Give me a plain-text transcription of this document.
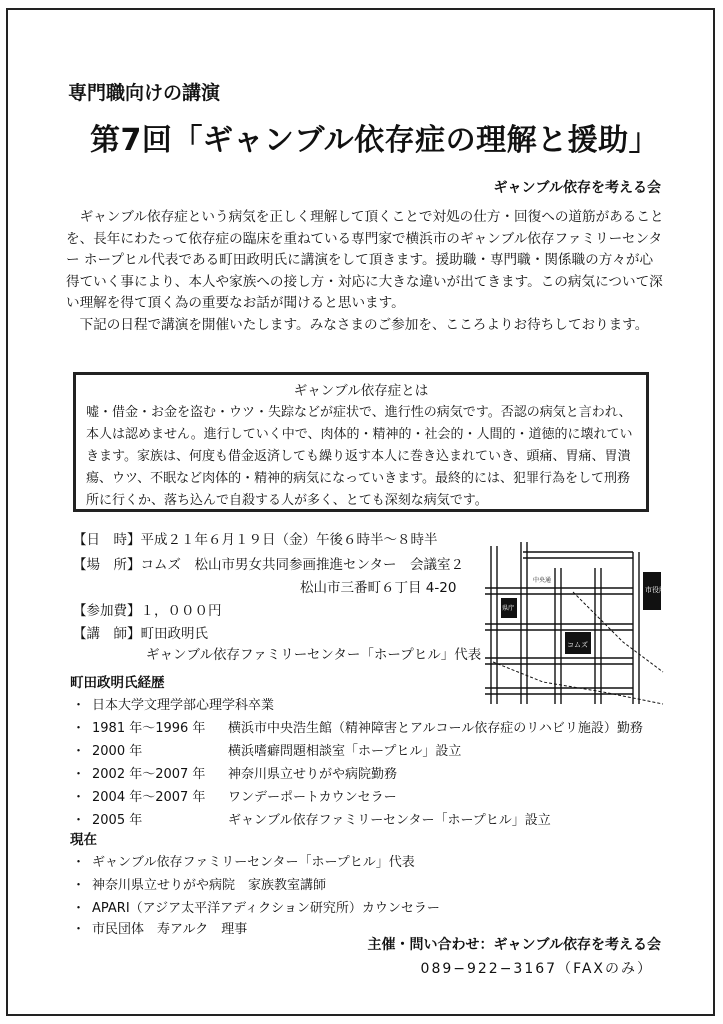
専門職向けの講演
第7回「ギャンブル依存症の理解と援助」
ギャンブル依存を考える会

ギャンブル依存症という病気を正しく理解して頂くことで対処の仕方・回復への道筋があることを、長年にわたって依存症の臨床を重ねている専門家で横浜市のギャンブル依存ファミリーセンター ホープヒル代表である町田政明氏に講演をして頂きます。援助職・専門職・関係職の方々が心得ていく事により、本人や家族への接し方・対応に大きな違いが出てきます。この病気について深い理解を得て頂く為の重要なお話が聞けると思います。

下記の日程で講演を開催いたします。みなさまのご参加を、こころよりお待ちしております。

ギャンブル依存症とは
嘘・借金・お金を盗む・ウツ・失踪などが症状で、進行性の病気です。否認の病気と言われ、本人は認めません。進行していく中で、肉体的・精神的・社会的・人間的・道徳的に壊れていきます。家族は、何度も借金返済しても繰り返す本人に巻き込まれていき、頭痛、胃痛、胃潰瘍、ウツ、不眠など肉体的・精神的病気になっていきます。最終的には、犯罪行為をして刑務所に行くか、落ち込んで自殺する人が多く、とても深刻な病気です。
【日　時】平成２１年６月１９日（金）午後６時半～８時半
【場　所】コムズ　松山市男女共同参画推進センター　会議室２
松山市三番町６丁目 4-20
【参加費】１，０００円
【講　師】町田政明氏
ギャンブル依存ファミリーセンター「ホープヒル」代表
コムズ
市役所
県庁
中央通
町田政明氏経歴
・ 日本大学文理学部心理学科卒業
・ 1981 年～1996 年 横浜市中央浩生館（精神障害とアルコール依存症のリハビリ施設）勤務
・ 2000 年	横浜嗜癖問題相談室「ホープヒル」設立
・ 2002 年～2007 年 神奈川県立せりがや病院勤務
・ 2004 年～2007 年 ワンデーポートカウンセラー
・ 2005 年	ギャンブル依存ファミリーセンター「ホープヒル」設立
現在
・ ギャンブル依存ファミリーセンター「ホープヒル」代表
・ 神奈川県立せりがや病院　家族教室講師
・ APARI（アジア太平洋アディクション研究所）カウンセラー
・ 市民団体　寿アルク　理事
主催・問い合わせ：ギャンブル依存を考える会
089−922−3167（FAXのみ）
